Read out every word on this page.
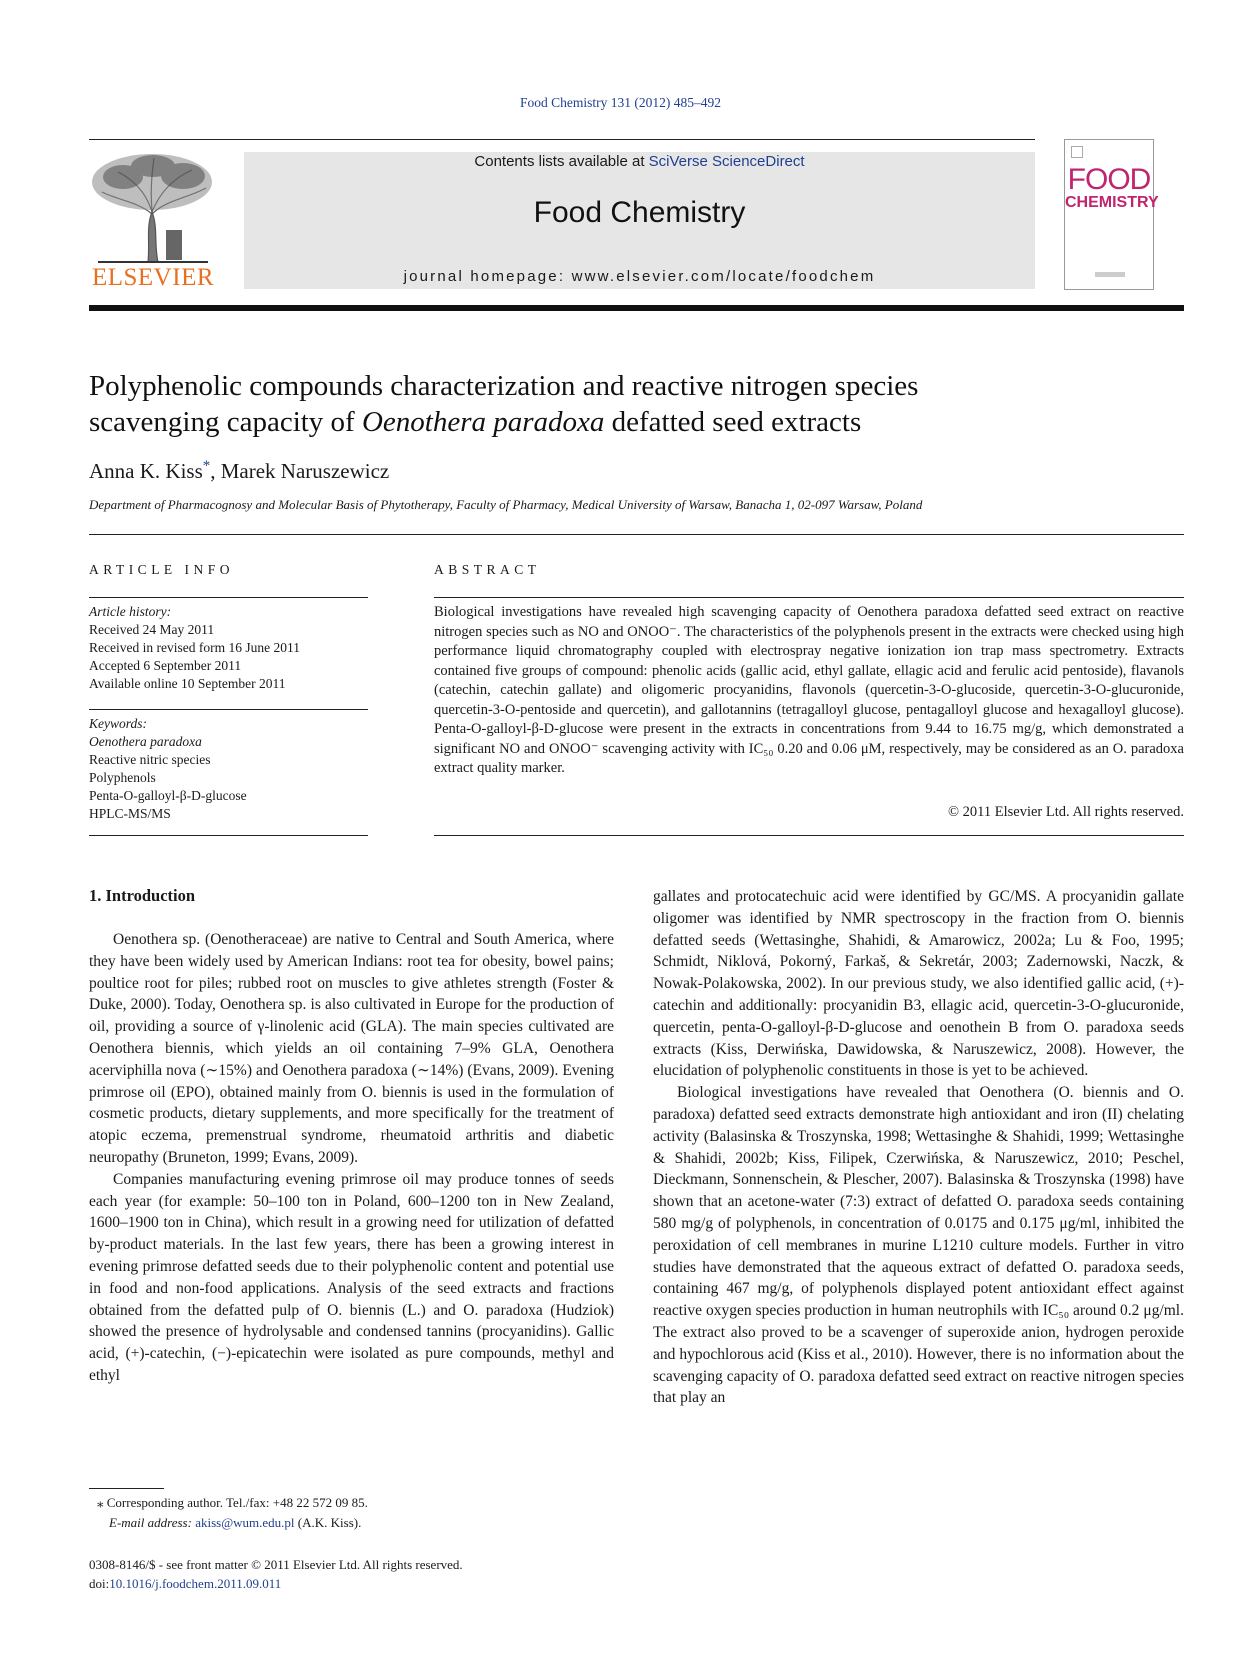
Food Chemistry 131 (2012) 485–492
ELSEVIER
Contents lists available at SciVerse ScienceDirect
Food Chemistry
journal homepage: www.elsevier.com/locate/foodchem
FOOD
CHEMISTRY
Polyphenolic compounds characterization and reactive nitrogen species
scavenging capacity of Oenothera paradoxa defatted seed extracts
Anna K. Kiss*, Marek Naruszewicz
Department of Pharmacognosy and Molecular Basis of Phytotherapy, Faculty of Pharmacy, Medical University of Warsaw, Banacha 1, 02-097 Warsaw, Poland
ARTICLE INFO	ABSTRACT
Article history:
Received 24 May 2011
Received in revised form 16 June 2011
Accepted 6 September 2011
Available online 10 September 2011
Keywords:
Oenothera paradoxa
Reactive nitric species
Polyphenols
Penta-O-galloyl-β-D-glucose
HPLC-MS/MS
Biological investigations have revealed high scavenging capacity of Oenothera paradoxa defatted seed extract on reactive nitrogen species such as NO and ONOO⁻. The characteristics of the polyphenols present in the extracts were checked using high performance liquid chromatography coupled with electrospray negative ionization ion trap mass spectrometry. Extracts contained five groups of compound: phenolic acids (gallic acid, ethyl gallate, ellagic acid and ferulic acid pentoside), flavanols (catechin, catechin gallate) and oligomeric procyanidins, flavonols (quercetin-3-O-glucoside, quercetin-3-O-glucuronide, quercetin-3-O-pentoside and quercetin), and gallotannins (tetragalloyl glucose, pentagalloyl glucose and hexagalloyl glucose). Penta-O-galloyl-β-D-glucose were present in the extracts in concentrations from 9.44 to 16.75 mg/g, which demonstrated a significant NO and ONOO⁻ scavenging activity with IC₅₀ 0.20 and 0.06 μM, respectively, may be considered as an O. paradoxa extract quality marker.
© 2011 Elsevier Ltd. All rights reserved.
1. Introduction

Oenothera sp. (Oenotheraceae) are native to Central and South America, where they have been widely used by American Indians: root tea for obesity, bowel pains; poultice root for piles; rubbed root on muscles to give athletes strength (Foster & Duke, 2000). Today, Oenothera sp. is also cultivated in Europe for the production of oil, providing a source of γ-linolenic acid (GLA). The main species cultivated are Oenothera biennis, which yields an oil containing 7–9% GLA, Oenothera acerviphilla nova (∼15%) and Oenothera paradoxa (∼14%) (Evans, 2009). Evening primrose oil (EPO), obtained mainly from O. biennis is used in the formulation of cosmetic products, dietary supplements, and more specifically for the treatment of atopic eczema, premenstrual syndrome, rheumatoid arthritis and diabetic neuropathy (Bruneton, 1999; Evans, 2009).

Companies manufacturing evening primrose oil may produce tonnes of seeds each year (for example: 50–100 ton in Poland, 600–1200 ton in New Zealand, 1600–1900 ton in China), which result in a growing need for utilization of defatted by-product materials. In the last few years, there has been a growing interest in evening primrose defatted seeds due to their polyphenolic content and potential use in food and non-food applications. Analysis of the seed extracts and fractions obtained from the defatted pulp of O. biennis (L.) and O. paradoxa (Hudziok) showed the presence of hydrolysable and condensed tannins (procyanidins). Gallic acid, (+)-catechin, (−)-epicatechin were isolated as pure compounds, methyl and ethyl

gallates and protocatechuic acid were identified by GC/MS. A procyanidin gallate oligomer was identified by NMR spectroscopy in the fraction from O. biennis defatted seeds (Wettasinghe, Shahidi, & Amarowicz, 2002a; Lu & Foo, 1995; Schmidt, Niklová, Pokorný, Farkaš, & Sekretár, 2003; Zadernowski, Naczk, & Nowak-Polakowska, 2002). In our previous study, we also identified gallic acid, (+)-catechin and additionally: procyanidin B3, ellagic acid, quercetin-3-O-glucuronide, quercetin, penta-O-galloyl-β-D-glucose and oenothein B from O. paradoxa seeds extracts (Kiss, Derwińska, Dawidowska, & Naruszewicz, 2008). However, the elucidation of polyphenolic constituents in those is yet to be achieved.

Biological investigations have revealed that Oenothera (O. biennis and O. paradoxa) defatted seed extracts demonstrate high antioxidant and iron (II) chelating activity (Balasinska & Troszynska, 1998; Wettasinghe & Shahidi, 1999; Wettasinghe & Shahidi, 2002b; Kiss, Filipek, Czerwińska, & Naruszewicz, 2010; Peschel, Dieckmann, Sonnenschein, & Plescher, 2007). Balasinska & Troszynska (1998) have shown that an acetone-water (7:3) extract of defatted O. paradoxa seeds containing 580 mg/g of polyphenols, in concentration of 0.0175 and 0.175 μg/ml, inhibited the peroxidation of cell membranes in murine L1210 culture models. Further in vitro studies have demonstrated that the aqueous extract of defatted O. paradoxa seeds, containing 467 mg/g, of polyphenols displayed potent antioxidant effect against reactive oxygen species production in human neutrophils with IC₅₀ around 0.2 μg/ml. The extract also proved to be a scavenger of superoxide anion, hydrogen peroxide and hypochlorous acid (Kiss et al., 2010). However, there is no information about the scavenging capacity of O. paradoxa defatted seed extract on reactive nitrogen species that play an

⁎ Corresponding author. Tel./fax: +48 22 572 09 85.
E-mail address: akiss@wum.edu.pl (A.K. Kiss).
0308-8146/$ - see front matter © 2011 Elsevier Ltd. All rights reserved.
doi:10.1016/j.foodchem.2011.09.011
